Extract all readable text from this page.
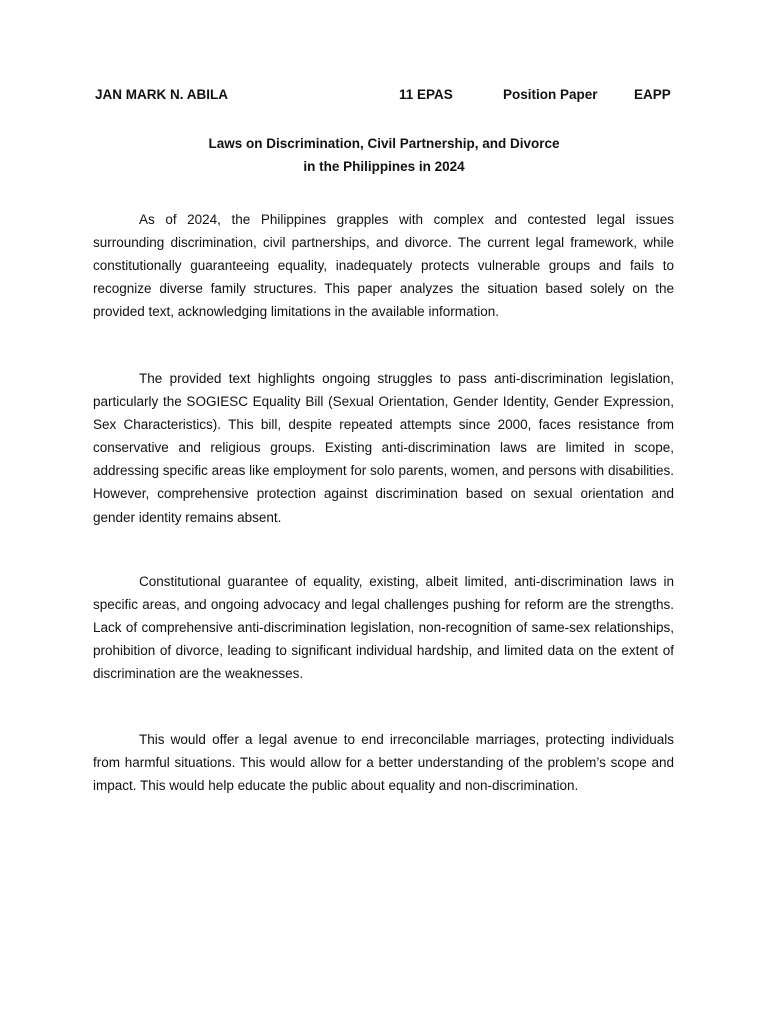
JAN MARK N. ABILA	11 EPAS	Position Paper	EAPP
Laws on Discrimination, Civil Partnership, and Divorce
in the Philippines in 2024

As of 2024, the Philippines grapples with complex and contested legal issues surrounding discrimination, civil partnerships, and divorce. The current legal framework, while constitutionally guaranteeing equality, inadequately protects vulnerable groups and fails to recognize diverse family structures. This paper analyzes the situation based solely on the provided text, acknowledging limitations in the available information.

The provided text highlights ongoing struggles to pass anti-discrimination legislation, particularly the SOGIESC Equality Bill (Sexual Orientation, Gender Identity, Gender Expression, Sex Characteristics). This bill, despite repeated attempts since 2000, faces resistance from conservative and religious groups. Existing anti-discrimination laws are limited in scope, addressing specific areas like employment for solo parents, women, and persons with disabilities. However, comprehensive protection against discrimination based on sexual orientation and gender identity remains absent.

Constitutional guarantee of equality, existing, albeit limited, anti-discrimination laws in specific areas, and ongoing advocacy and legal challenges pushing for reform are the strengths. Lack of comprehensive anti-discrimination legislation, non-recognition of same-sex relationships, prohibition of divorce, leading to significant individual hardship, and limited data on the extent of discrimination are the weaknesses.

This would offer a legal avenue to end irreconcilable marriages, protecting individuals from harmful situations. This would allow for a better understanding of the problem’s scope and impact. This would help educate the public about equality and non-discrimination.
